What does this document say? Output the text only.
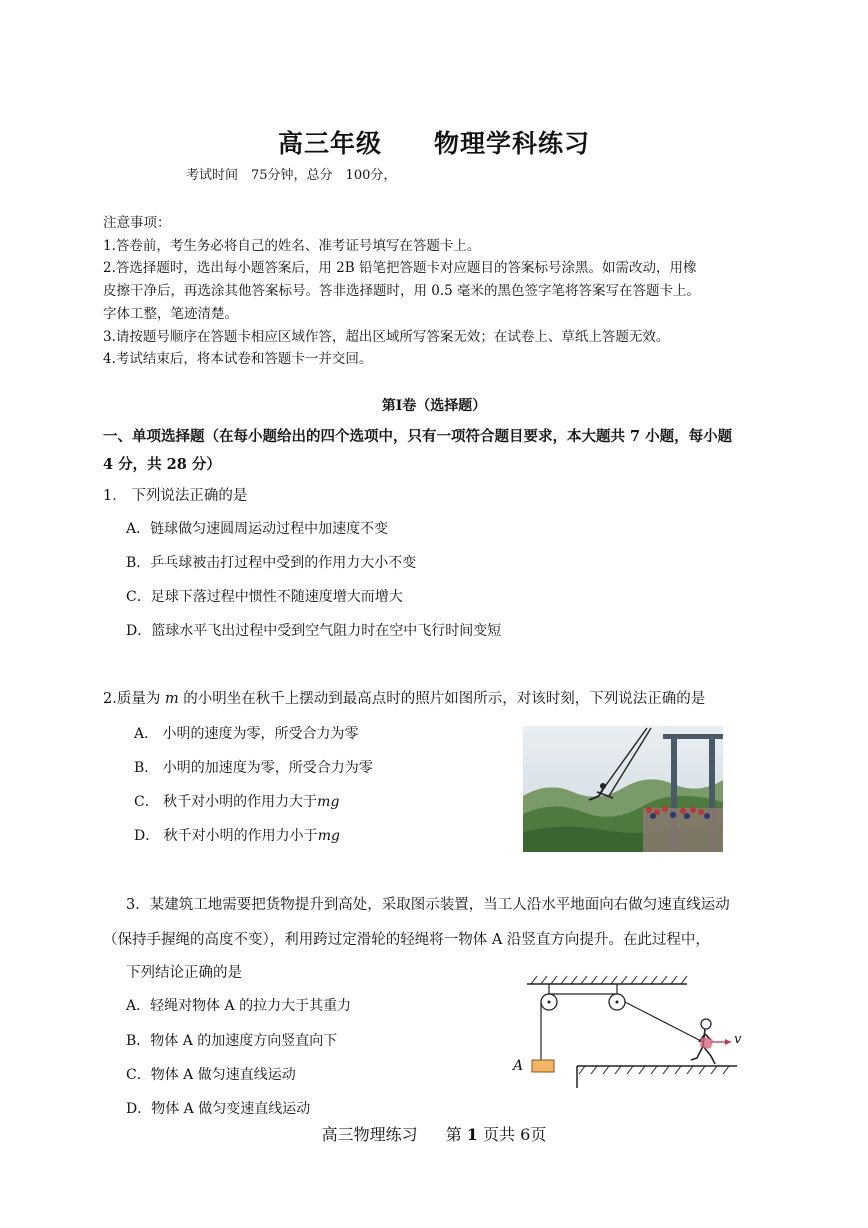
高三年级 物理学科练习
考试时间　75分钟，总分　100分，
注意事项：
1.答卷前，考生务必将自己的姓名、准考证号填写在答题卡上。
2.答选择题时，选出每小题答案后，用 2B 铅笔把答题卡对应题目的答案标号涂黑。如需改动，用橡
皮擦干净后，再选涂其他答案标号。答非选择题时，用 0.5 毫米的黑色签字笔将答案写在答题卡上。
字体工整，笔迹清楚。
3.请按题号顺序在答题卡相应区域作答，超出区域所写答案无效；在试卷上、草纸上答题无效。
4.考试结束后，将本试卷和答题卡一并交回。
第Ⅰ卷（选择题）
一、单项选择题（在每小题给出的四个选项中，只有一项符合题目要求，本大题共 7 小题，每小题
4 分，共 28 分）
1． 下列说法正确的是
A．链球做匀速圆周运动过程中加速度不变
B．乒乓球被击打过程中受到的作用力大小不变
C．足球下落过程中惯性不随速度增大而增大
D．篮球水平飞出过程中受到空气阻力时在空中飞行时间变短
2.质量为 m 的小明坐在秋千上摆动到最高点时的照片如图所示，对该时刻，下列说法正确的是
A． 小明的速度为零，所受合力为零
B． 小明的加速度为零，所受合力为零
C． 秋千对小明的作用力大于mg
D． 秋千对小明的作用力小于mg
3．某建筑工地需要把货物提升到高处，采取图示装置，当工人沿水平地面向右做匀速直线运动
（保持手握绳的高度不变），利用跨过定滑轮的轻绳将一物体 A 沿竖直方向提升。在此过程中，
下列结论正确的是
A．轻绳对物体 A 的拉力大于其重力
B．物体 A 的加速度方向竖直向下
C．物体 A 做匀速直线运动
D．物体 A 做匀变速直线运动
A
v
高三物理练习 第 1 页共 6页
